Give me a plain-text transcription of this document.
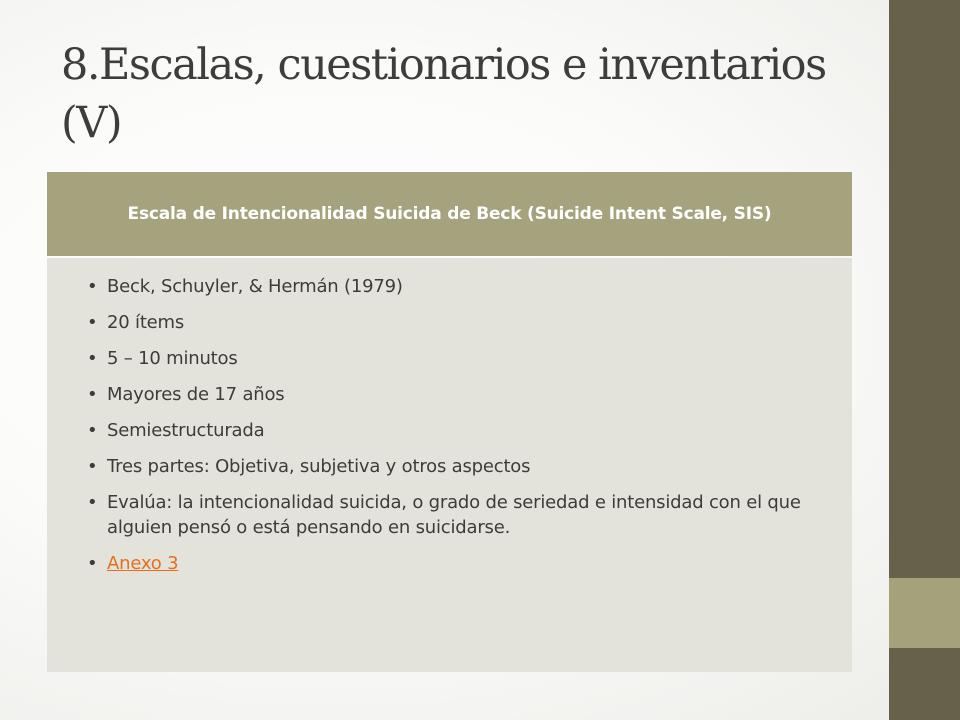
8.Escalas, cuestionarios e inventarios (V)
Escala de Intencionalidad Suicida de Beck (Suicide Intent Scale, SIS)
• Beck, Schuyler, & Hermán (1979)
• 20 ítems
• 5 – 10 minutos
• Mayores de 17 años
• Semiestructurada
• Tres partes: Objetiva, subjetiva y otros aspectos
• Evalúa: la intencionalidad suicida, o grado de seriedad e intensidad con el que alguien pensó o está pensando en suicidarse.
• Anexo 3
